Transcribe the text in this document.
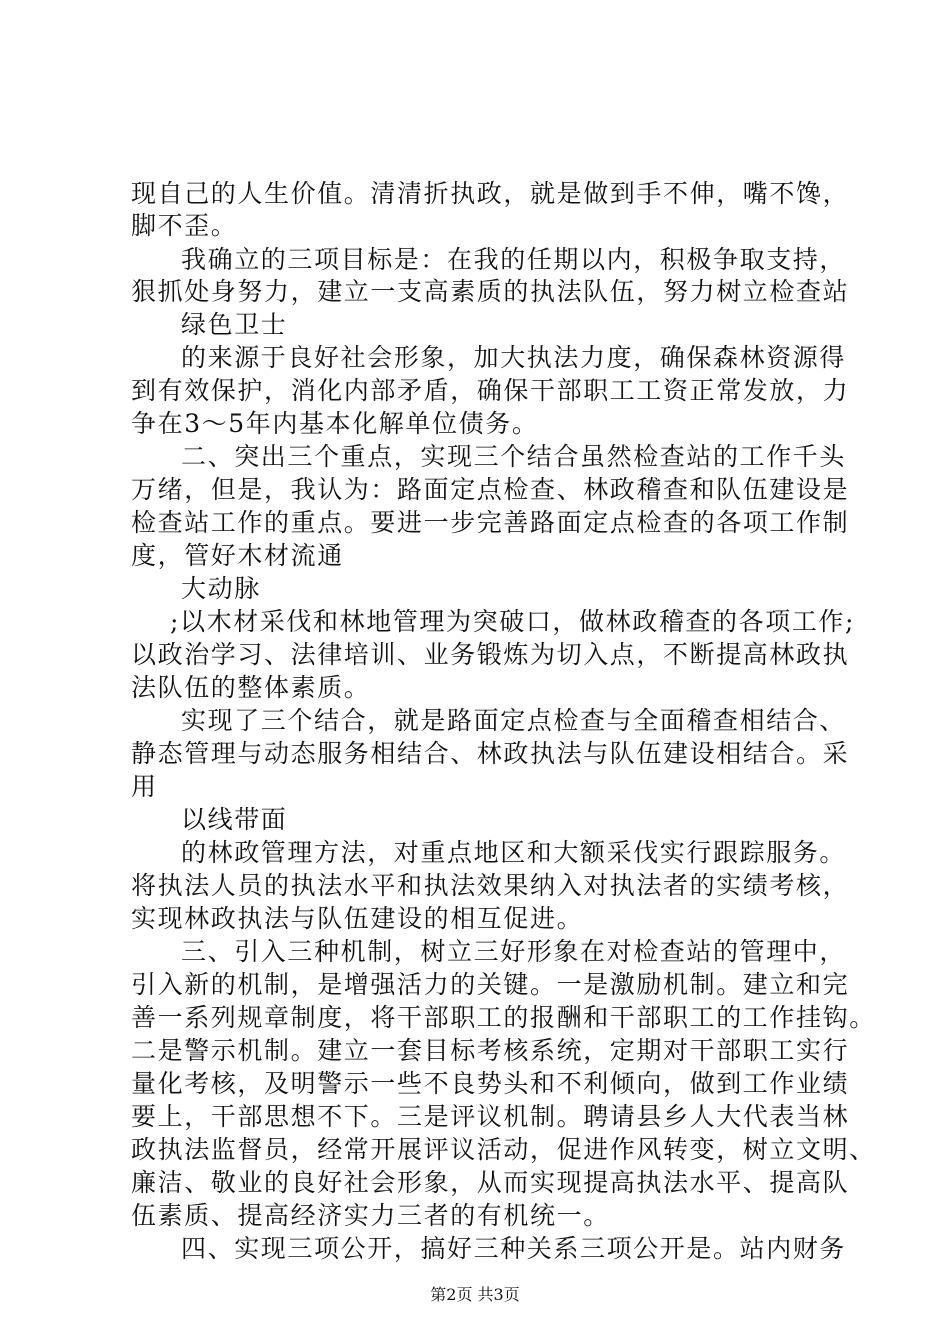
现自己的人生价值。清清折执政，就是做到手不伸，嘴不馋，
脚不歪。
我确立的三项目标是：在我的任期以内，积极争取支持，
狠抓处身努力，建立一支高素质的执法队伍，努力树立检查站
绿色卫士
的来源于良好社会形象，加大执法力度，确保森林资源得
到有效保护，消化内部矛盾，确保干部职工工资正常发放，力
争在3～5年内基本化解单位债务。
二、突出三个重点，实现三个结合虽然检查站的工作千头
万绪，但是，我认为：路面定点检查、林政稽查和队伍建设是
检查站工作的重点。要进一步完善路面定点检查的各项工作制
度，管好木材流通
大动脉
;以木材采伐和林地管理为突破口，做林政稽查的各项工作;
以政治学习、法律培训、业务锻炼为切入点，不断提高林政执
法队伍的整体素质。
实现了三个结合，就是路面定点检查与全面稽查相结合、
静态管理与动态服务相结合、林政执法与队伍建设相结合。采
用
以线带面
的林政管理方法，对重点地区和大额采伐实行跟踪服务。
将执法人员的执法水平和执法效果纳入对执法者的实绩考核，
实现林政执法与队伍建设的相互促进。
三、引入三种机制，树立三好形象在对检查站的管理中，
引入新的机制，是增强活力的关键。一是激励机制。建立和完
善一系列规章制度，将干部职工的报酬和干部职工的工作挂钩。
二是警示机制。建立一套目标考核系统，定期对干部职工实行
量化考核，及明警示一些不良势头和不利倾向，做到工作业绩
要上，干部思想不下。三是评议机制。聘请县乡人大代表当林
政执法监督员，经常开展评议活动，促进作风转变，树立文明、
廉洁、敬业的良好社会形象，从而实现提高执法水平、提高队
伍素质、提高经济实力三者的有机统一。
四、实现三项公开，搞好三种关系三项公开是。站内财务
第2页 共3页
